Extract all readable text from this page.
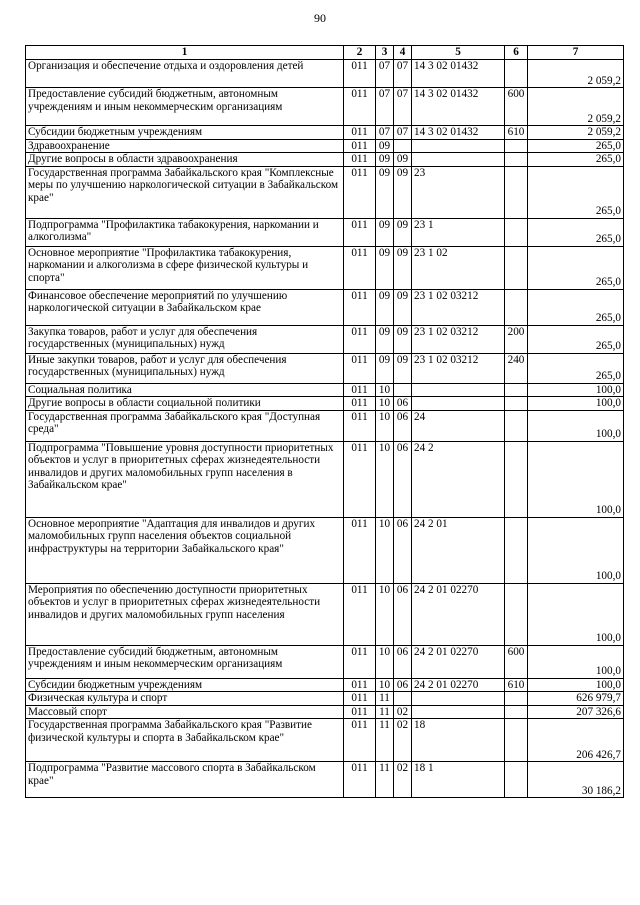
90
1	2	3	4	5	6	7
Организация и обеспечение отдыха и оздоровления детей	011	07	07	14 3 02 01432		2 059,2
Предоставление субсидий бюджетным, автономным учреждениям и иным некоммерческим организациям	011	07	07	14 3 02 01432	600	2 059,2
Субсидии бюджетным учреждениям	011	07	07	14 3 02 01432	610	2 059,2
Здравоохранение	011	09				265,0
Другие вопросы в области здравоохранения	011	09	09			265,0
Государственная программа Забайкальского края "Комплексные меры по улучшению наркологической ситуации в Забайкальском крае"	011	09	09	23		265,0
Подпрограмма "Профилактика табакокурения, наркомании и алкоголизма"	011	09	09	23 1		265,0
Основное мероприятие "Профилактика табакокурения, наркомании и алкоголизма в сфере физической культуры и спорта"	011	09	09	23 1 02		265,0
Финансовое обеспечение мероприятий по улучшению наркологической ситуации в Забайкальском крае	011	09	09	23 1 02 03212		265,0
Закупка товаров, работ и услуг для обеспечения государственных (муниципальных) нужд	011	09	09	23 1 02 03212	200	265,0
Иные закупки товаров, работ и услуг для обеспечения государственных (муниципальных) нужд	011	09	09	23 1 02 03212	240	265,0
Социальная политика	011	10				100,0
Другие вопросы в области социальной политики	011	10	06			100,0
Государственная программа Забайкальского края "Доступная среда"	011	10	06	24		100,0
Подпрограмма "Повышение уровня доступности приоритетных объектов и услуг в приоритетных сферах жизнедеятельности инвалидов и других маломобильных групп населения в Забайкальском крае"	011	10	06	24 2		100,0
Основное мероприятие "Адаптация для инвалидов и других маломобильных групп населения объектов социальной инфраструктуры на территории Забайкальского края"	011	10	06	24 2 01		100,0
Мероприятия по обеспечению доступности приоритетных объектов и услуг в приоритетных сферах жизнедеятельности инвалидов и других маломобильных групп населения	011	10	06	24 2 01 02270		100,0
Предоставление субсидий бюджетным, автономным учреждениям и иным некоммерческим организациям	011	10	06	24 2 01 02270	600	100,0
Субсидии бюджетным учреждениям	011	10	06	24 2 01 02270	610	100,0
Физическая культура и спорт	011	11				626 979,7
Массовый спорт	011	11	02			207 326,6
Государственная программа Забайкальского края "Развитие физической культуры и спорта в Забайкальском крае"	011	11	02	18		206 426,7
Подпрограмма "Развитие массового спорта в Забайкальском крае"	011	11	02	18 1		30 186,2
